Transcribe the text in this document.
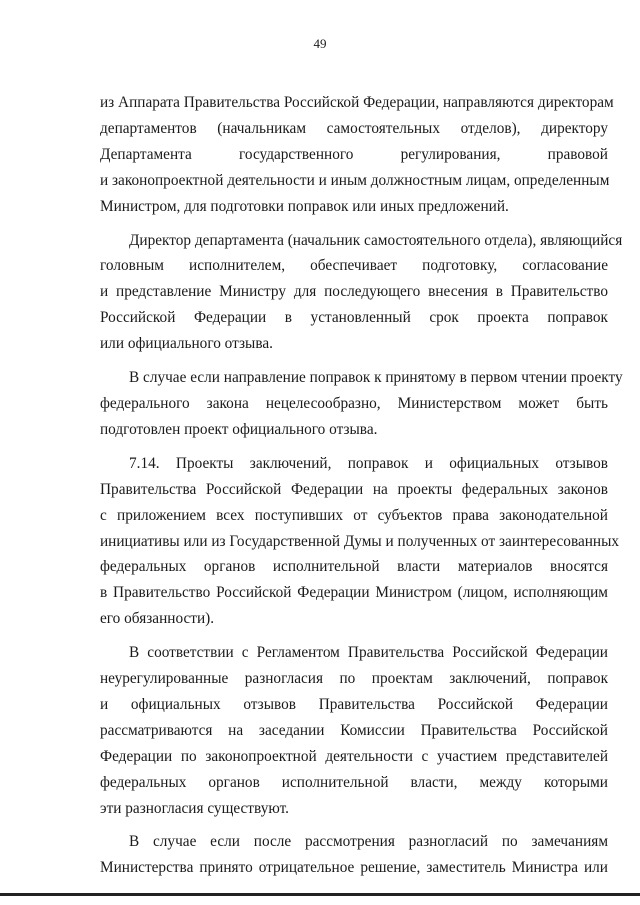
49
из Аппарата Правительства Российской Федерации, направляются директорам
департаментов (начальникам самостоятельных отделов), директору
Департамента государственного регулирования, правовой
и законопроектной деятельности и иным должностным лицам, определенным
Министром, для подготовки поправок или иных предложений.
Директор департамента (начальник самостоятельного отдела), являющийся
головным исполнителем, обеспечивает подготовку, согласование
и представление Министру для последующего внесения в Правительство
Российской Федерации в установленный срок проекта поправок
или официального отзыва.
В случае если направление поправок к принятому в первом чтении проекту
федерального закона нецелесообразно, Министерством может быть
подготовлен проект официального отзыва.
7.14. Проекты заключений, поправок и официальных отзывов
Правительства Российской Федерации на проекты федеральных законов
с приложением всех поступивших от субъектов права законодательной
инициативы или из Государственной Думы и полученных от заинтересованных
федеральных органов исполнительной власти материалов вносятся
в Правительство Российской Федерации Министром (лицом, исполняющим
его обязанности).
В соответствии с Регламентом Правительства Российской Федерации
неурегулированные разногласия по проектам заключений, поправок
и официальных отзывов Правительства Российской Федерации
рассматриваются на заседании Комиссии Правительства Российской
Федерации по законопроектной деятельности с участием представителей
федеральных органов исполнительной власти, между которыми
эти разногласия существуют.
В случае если после рассмотрения разногласий по замечаниям
Министерства принято отрицательное решение, заместитель Министра или
